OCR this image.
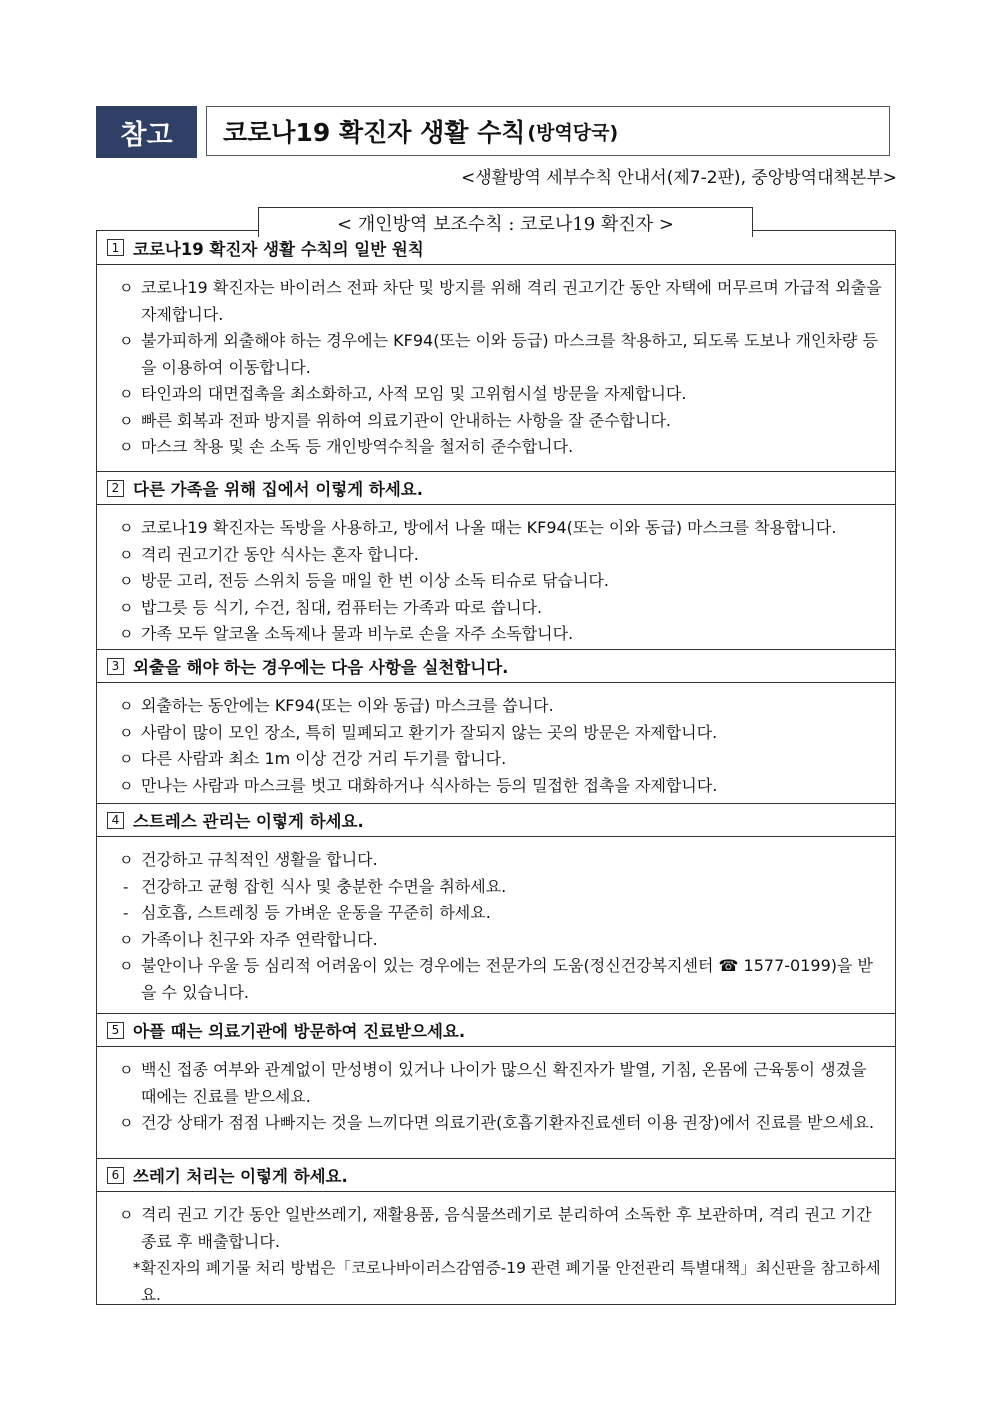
참고	코로나19 확진자 생활 수칙 (방역당국)
<생활방역 세부수칙 안내서(제7-2판), 중앙방역대책본부>
1 코로나19 확진자 생활 수칙의 일반 원칙
ㅇ 코로나19 확진자는 바이러스 전파 차단 및 방지를 위해 격리 권고기간 동안 자택에 머무르며 가급적 외출을 자제합니다.
ㅇ 불가피하게 외출해야 하는 경우에는 KF94(또는 이와 등급) 마스크를 착용하고, 되도록 도보나 개인차량 등을 이용하여 이동합니다.
ㅇ 타인과의 대면접촉을 최소화하고, 사적 모임 및 고위험시설 방문을 자제합니다.
ㅇ 빠른 회복과 전파 방지를 위하여 의료기관이 안내하는 사항을 잘 준수합니다.
ㅇ 마스크 착용 및 손 소독 등 개인방역수칙을 철저히 준수합니다.
2 다른 가족을 위해 집에서 이렇게 하세요.
ㅇ 코로나19 확진자는 독방을 사용하고, 방에서 나올 때는 KF94(또는 이와 동급) 마스크를 착용합니다.
ㅇ 격리 권고기간 동안 식사는 혼자 합니다.
ㅇ 방문 고리, 전등 스위치 등을 매일 한 번 이상 소독 티슈로 닦습니다.
ㅇ 밥그릇 등 식기, 수건, 침대, 컴퓨터는 가족과 따로 씁니다.
ㅇ 가족 모두 알코올 소독제나 물과 비누로 손을 자주 소독합니다.
3 외출을 해야 하는 경우에는 다음 사항을 실천합니다.
ㅇ 외출하는 동안에는 KF94(또는 이와 동급) 마스크를 씁니다.
ㅇ 사람이 많이 모인 장소, 특히 밀폐되고 환기가 잘되지 않는 곳의 방문은 자제합니다.
ㅇ 다른 사람과 최소 1m 이상 건강 거리 두기를 합니다.
ㅇ 만나는 사람과 마스크를 벗고 대화하거나 식사하는 등의 밀접한 접촉을 자제합니다.
4 스트레스 관리는 이렇게 하세요.
ㅇ 건강하고 규칙적인 생활을 합니다.
- 건강하고 균형 잡힌 식사 및 충분한 수면을 취하세요.
- 심호흡, 스트레칭 등 가벼운 운동을 꾸준히 하세요.
ㅇ 가족이나 친구와 자주 연락합니다.
ㅇ 불안이나 우울 등 심리적 어려움이 있는 경우에는 전문가의 도움(정신건강복지센터 ☎ 1577-0199)을 받을 수 있습니다.
5 아플 때는 의료기관에 방문하여 진료받으세요.
ㅇ 백신 접종 여부와 관계없이 만성병이 있거나 나이가 많으신 확진자가 발열, 기침, 온몸에 근육통이 생겼을 때에는 진료를 받으세요.
ㅇ 건강 상태가 점점 나빠지는 것을 느끼다면 의료기관(호흡기환자진료센터 이용 권장)에서 진료를 받으세요.
6 쓰레기 처리는 이렇게 하세요.
ㅇ 격리 권고 기간 동안 일반쓰레기, 재활용품, 음식물쓰레기로 분리하여 소독한 후 보관하며, 격리 권고 기간 종료 후 배출합니다.
* 확진자의 폐기물 처리 방법은「코로나바이러스감염증-19 관련 폐기물 안전관리 특별대책」최신판을 참고하세요.
< 개인방역 보조수칙 : 코로나19 확진자 >
